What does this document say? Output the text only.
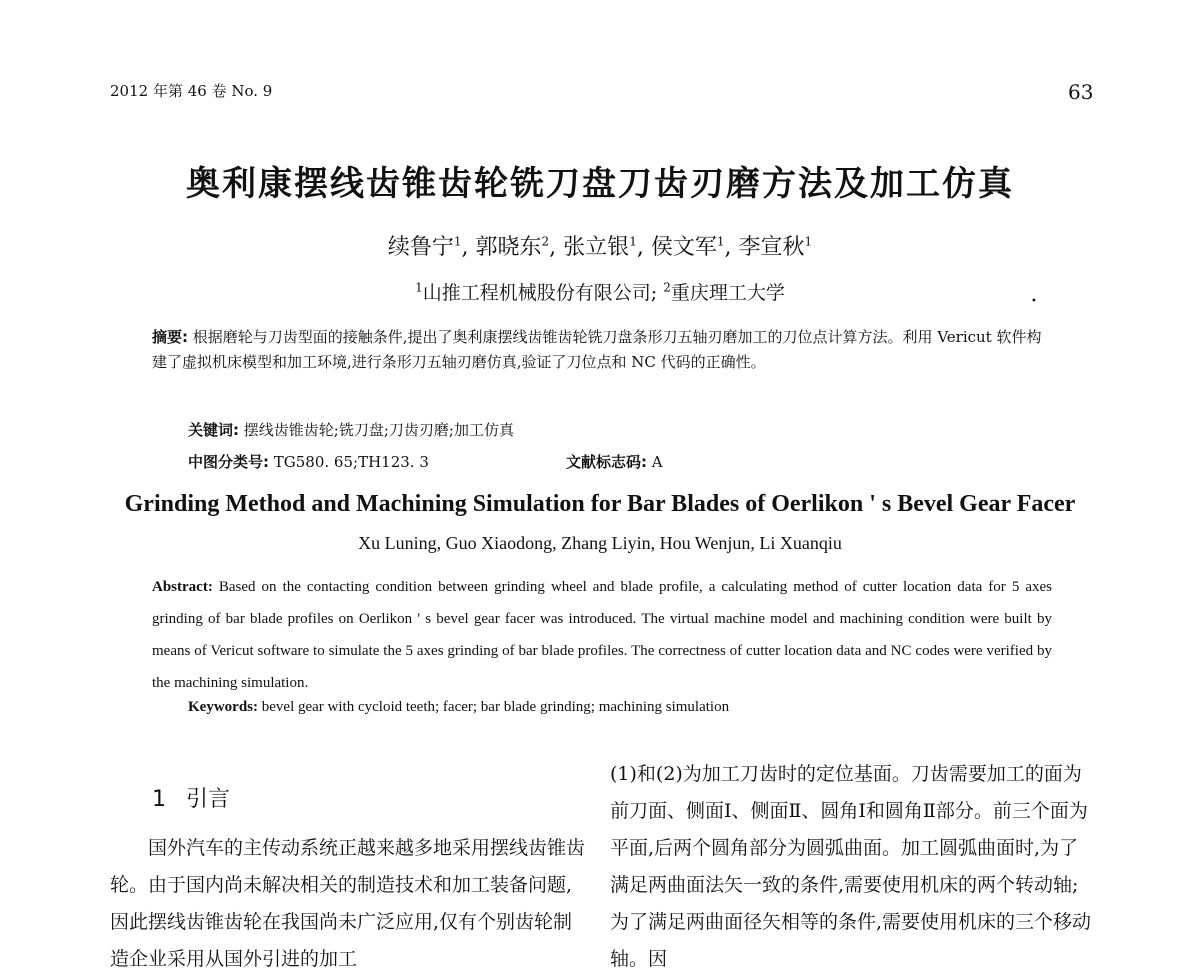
2012 年第 46 卷 No. 9	63
奥利康摆线齿锥齿轮铣刀盘刀齿刃磨方法及加工仿真
续鲁宁$^1$, 郭晓东$^2$, 张立银$^1$, 侯文军$^1$, 李宣秋$^1$
$^1$山推工程机械股份有限公司; $^2$重庆理工大学	•
摘要: 根据磨轮与刀齿型面的接触条件,提出了奥利康摆线齿锥齿轮铣刀盘条形刀五轴刃磨加工的刀位点计算方法。利用 Vericut 软件构建了虚拟机床模型和加工环境,进行条形刀五轴刃磨仿真,验证了刀位点和 NC 代码的正确性。
关键词: 摆线齿锥齿轮;铣刀盘;刀齿刃磨;加工仿真
中图分类号: TG580. 65;TH123. 3	文献标志码: A
Grinding Method and Machining Simulation for Bar Blades of Oerlikon ' s Bevel Gear Facer
Xu Luning, Guo Xiaodong, Zhang Liyin, Hou Wenjun, Li Xuanqiu
Abstract: Based on the contacting condition between grinding wheel and blade profile, a calculating method of cutter location data for 5 axes grinding of bar blade profiles on Oerlikon ' s bevel gear facer was introduced. The virtual machine model and machining condition were built by means of Vericut software to simulate the 5 axes grinding of bar blade profiles. The correctness of cutter location data and NC codes were verified by the machining simulation.
Keywords: bevel gear with cycloid teeth; facer; bar blade grinding; machining simulation
1 引言
国外汽车的主传动系统正越来越多地采用摆线齿锥齿轮。由于国内尚未解决相关的制造技术和加工装备问题,因此摆线齿锥齿轮在我国尚未广泛应用,仅有个别齿轮制造企业采用从国外引进的加工
(1)和(2)为加工刀齿时的定位基面。刀齿需要加工的面为前刀面、侧面Ⅰ、侧面Ⅱ、圆角Ⅰ和圆角Ⅱ部分。前三个面为平面,后两个圆角部分为圆弧曲面。加工圆弧曲面时,为了满足两曲面法矢一致的条件,需要使用机床的两个转动轴;为了满足两曲面径矢相等的条件,需要使用机床的三个移动轴。因
